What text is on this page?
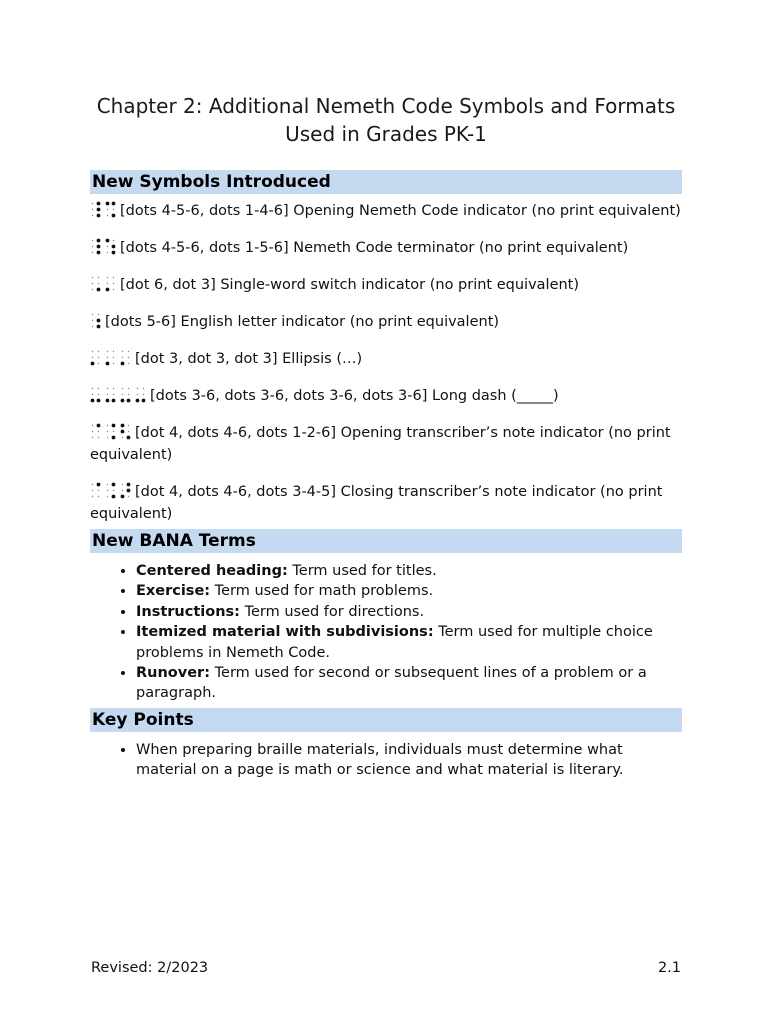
Chapter 2: Additional Nemeth Code Symbols and Formats Used in Grades PK-1
New Symbols Introduced

[dots 4-5-6, dots 1-4-6] Opening Nemeth Code indicator (no print equivalent)

[dots 4-5-6, dots 1-5-6] Nemeth Code terminator (no print equivalent)

[dot 6, dot 3] Single-word switch indicator (no print equivalent)

[dots 5-6] English letter indicator (no print equivalent)

[dot 3, dot 3, dot 3] Ellipsis (…)

[dots 3-6, dots 3-6, dots 3-6, dots 3-6] Long dash (_____)

[dot 4, dots 4-6, dots 1-2-6] Opening transcriber’s note indicator (no print equivalent)

[dot 4, dots 4-6, dots 3-4-5] Closing transcriber’s note indicator (no print equivalent)

New BANA Terms
• Centered heading: Term used for titles.
• Exercise: Term used for math problems.
• Instructions: Term used for directions.
• Itemized material with subdivisions: Term used for multiple choice problems in Nemeth Code.
• Runover: Term used for second or subsequent lines of a problem or a paragraph.
Key Points
• When preparing braille materials, individuals must determine what material on a page is math or science and what material is literary.
Revised: 2/2023	2.1
